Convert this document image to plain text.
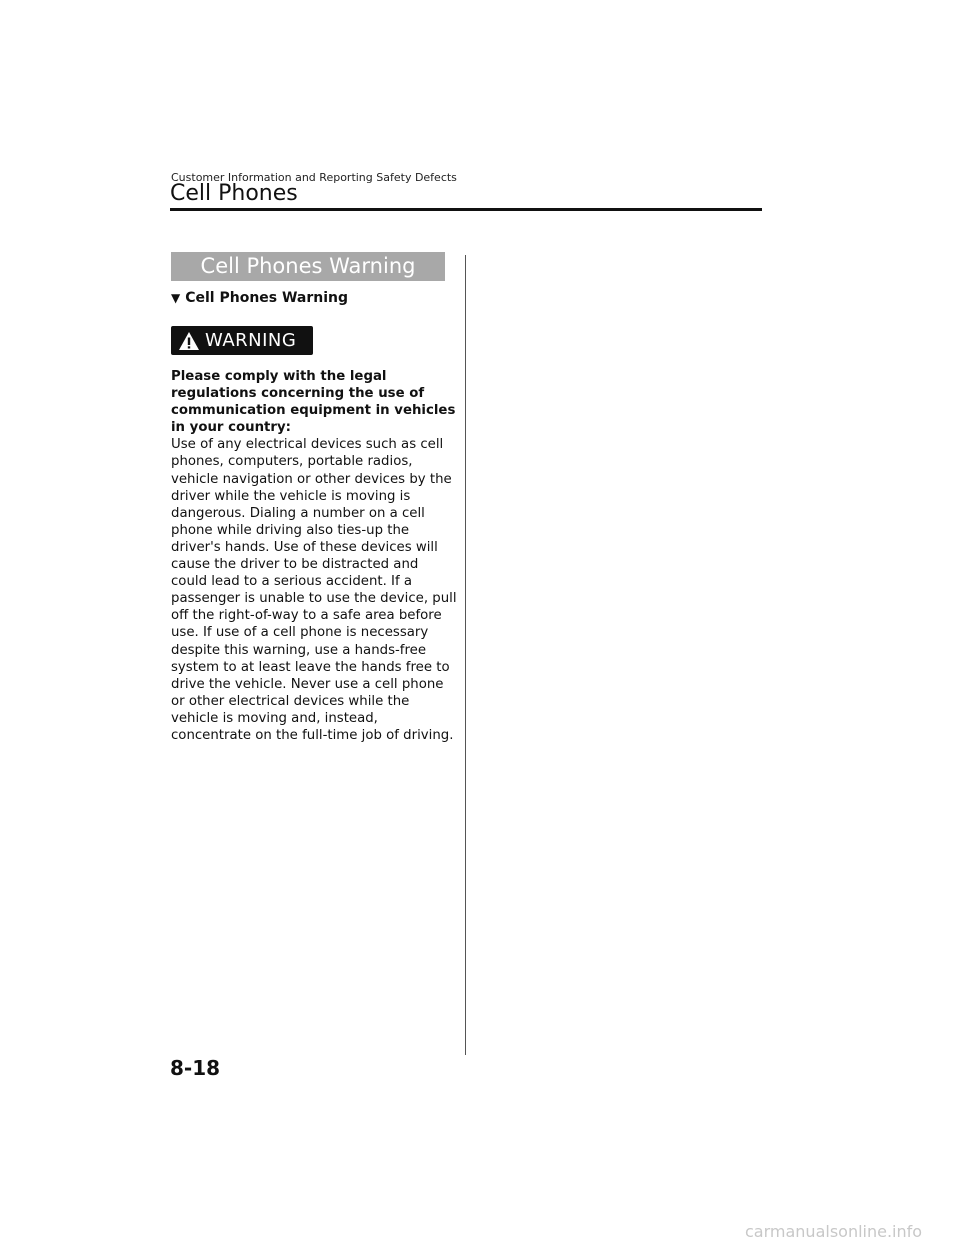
Customer Information and Reporting Safety Defects
Cell Phones
Cell Phones Warning
▼ Cell Phones Warning
WARNING
Please comply with the legal regulations concerning the use of communication equipment in vehicles in your country:
Use of any electrical devices such as cell phones, computers, portable radios, vehicle navigation or other devices by the driver while the vehicle is moving is dangerous. Dialing a number on a cell phone while driving also ties-up the driver's hands. Use of these devices will cause the driver to be distracted and could lead to a serious accident. If a passenger is unable to use the device, pull off the right-of-way to a safe area before use. If use of a cell phone is necessary despite this warning, use a hands-free system to at least leave the hands free to drive the vehicle. Never use a cell phone or other electrical devices while the vehicle is moving and, instead, concentrate on the full-time job of driving.
8-18
carmanualsonline.info
